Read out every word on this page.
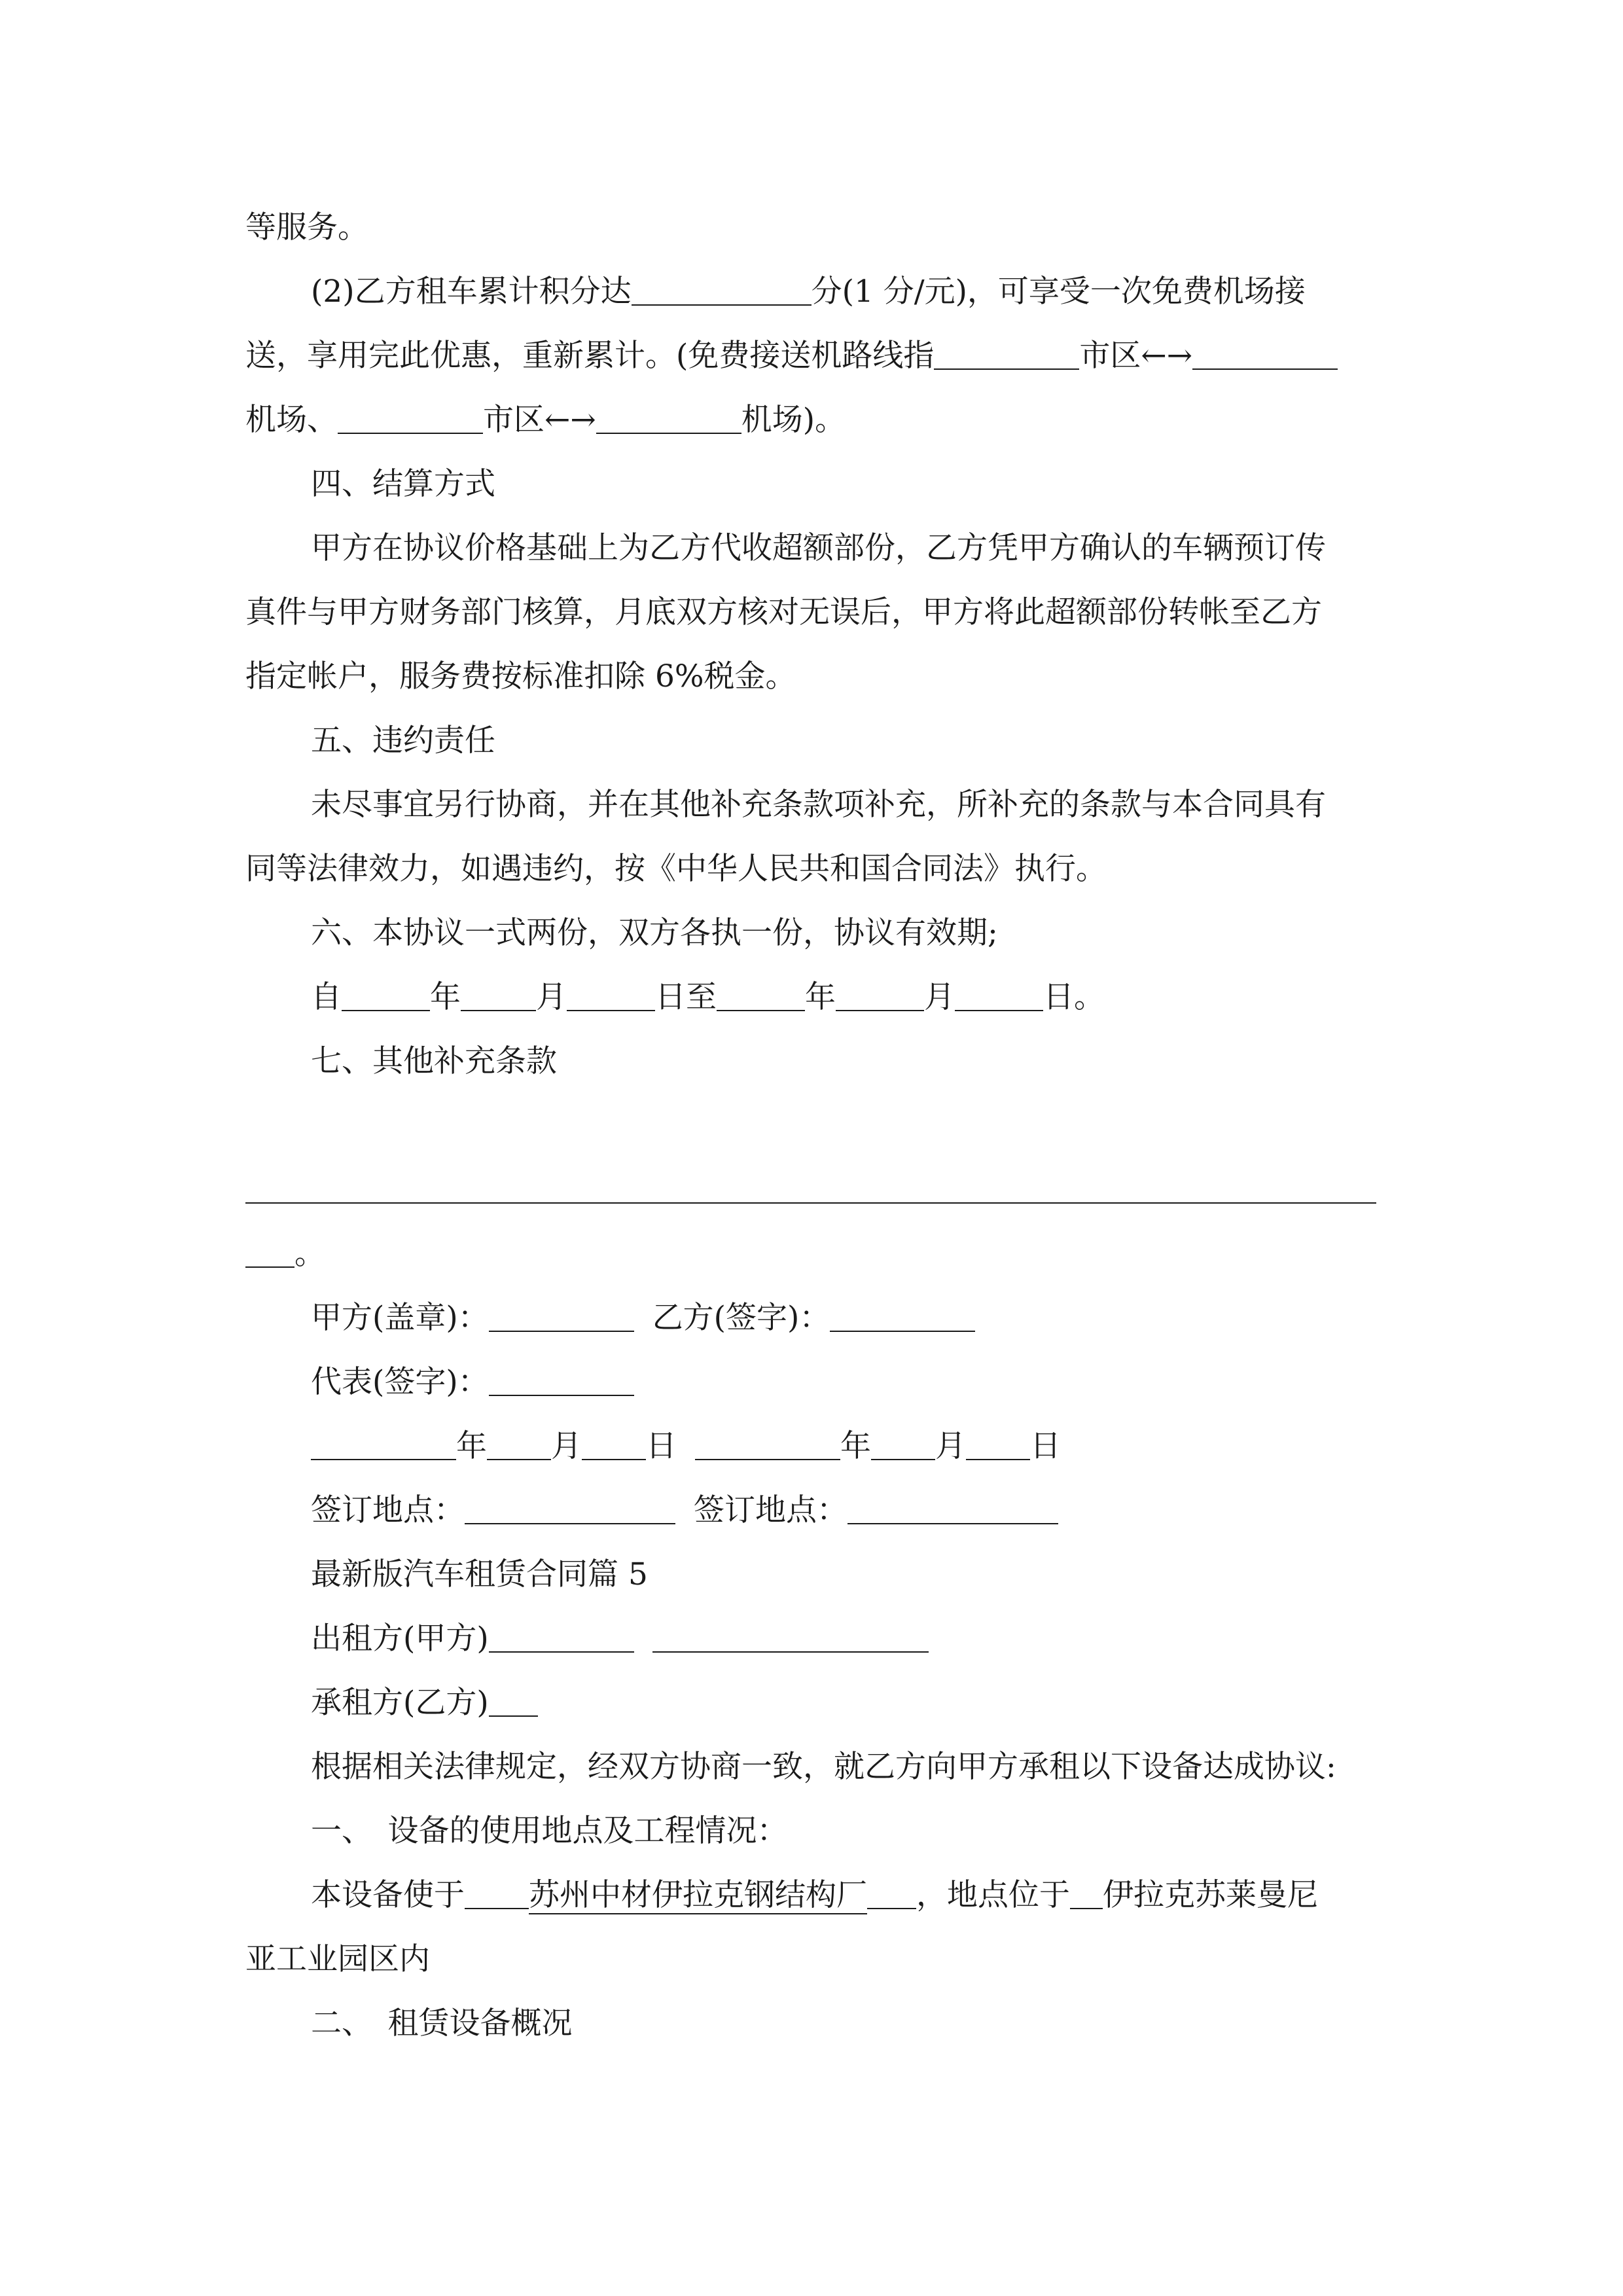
等服务。
(2)乙方租车累计积分达	分(1 分/元)，可享受一次免费机场接
送，享用完此优惠，重新累计。(免费接送机路线指	市区←→
机场、	市区←→	机场)。
四、结算方式
甲方在协议价格基础上为乙方代收超额部份，乙方凭甲方确认的车辆预订传
真件与甲方财务部门核算，月底双方核对无误后，甲方将此超额部份转帐至乙方
指定帐户，服务费按标准扣除 6%税金。
五、违约责任
未尽事宜另行协商，并在其他补充条款项补充，所补充的条款与本合同具有
同等法律效力，如遇违约，按《中华人民共和国合同法》执行。
六、本协议一式两份，双方各执一份，协议有效期;
自	年 月	日至	年	月	日。
七、其他补充条款
。
甲方(盖章)：	乙方(签字)：
代表(签字)：
年 月 日	年 月 日
签订地点：	签订地点：
最新版汽车租赁合同篇 5
出租方(甲方)
承租方(乙方)
根据相关法律规定，经双方协商一致，就乙方向甲方承租以下设备达成协议:
一、　设备的使用地点及工程情况：
本设备使于 苏州中材伊拉克钢结构厂 ，地点位于 伊拉克苏莱曼尼
亚工业园区内
二、　租赁设备概况
